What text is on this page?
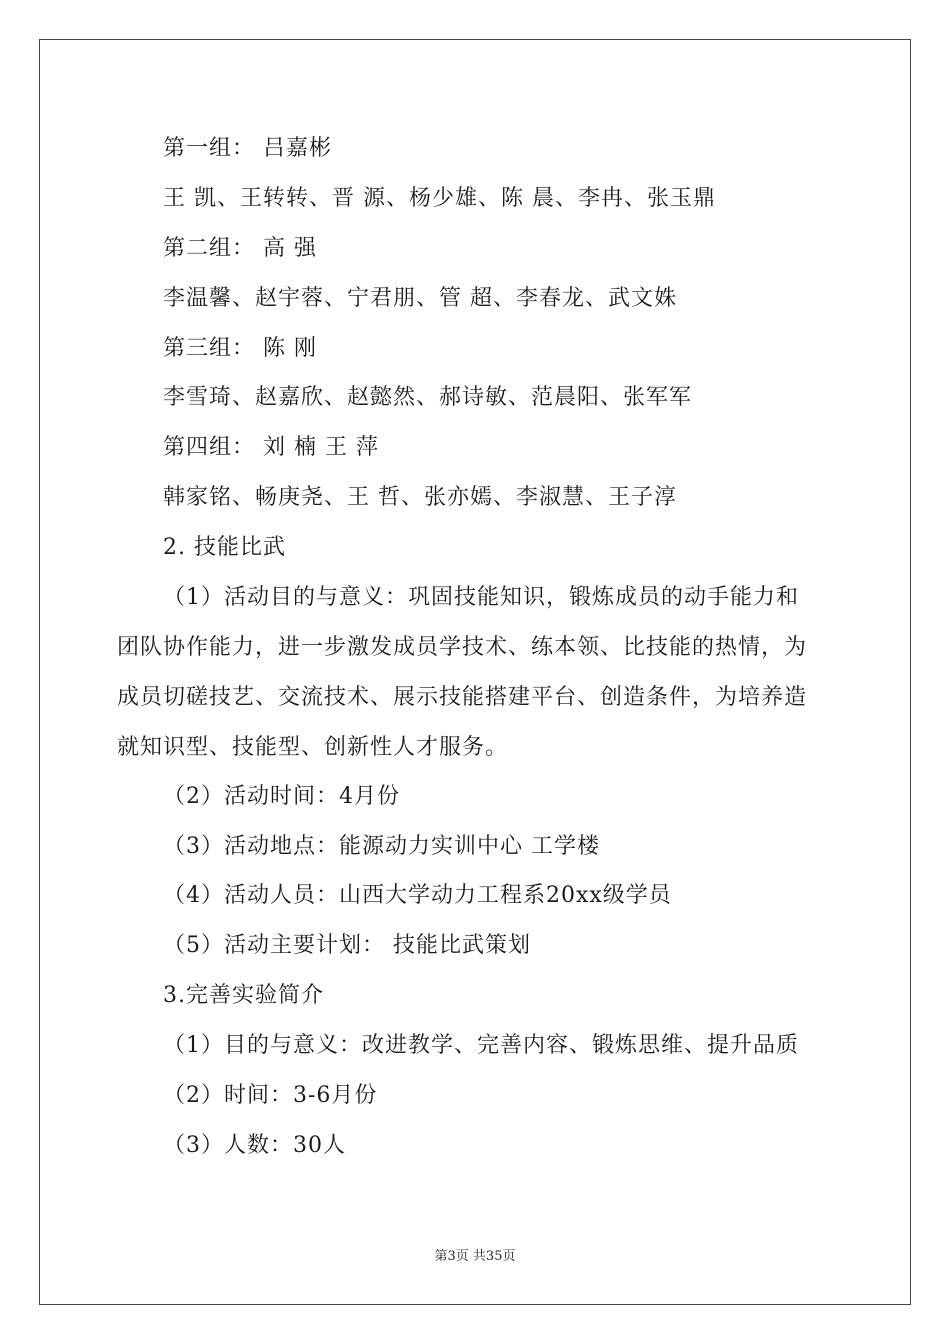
第一组： 吕嘉彬
王 凯、王转转、晋 源、杨少雄、陈 晨、李冉、张玉鼎
第二组： 高 强
李温馨、赵宇蓉、宁君朋、管 超、李春龙、武文姝
第三组： 陈 刚
李雪琦、赵嘉欣、赵懿然、郝诗敏、范晨阳、张军军
第四组： 刘 楠 王 萍
韩家铭、畅庚尧、王 哲、张亦嫣、李淑慧、王子淳
2. 技能比武
（1）活动目的与意义：巩固技能知识，锻炼成员的动手能力和
团队协作能力，进一步激发成员学技术、练本领、比技能的热情，为
成员切磋技艺、交流技术、展示技能搭建平台、创造条件，为培养造
就知识型、技能型、创新性人才服务。
（2）活动时间：4月份
（3）活动地点：能源动力实训中心 工学楼
（4）活动人员：山西大学动力工程系20xx级学员
（5）活动主要计划： 技能比武策划
3.完善实验简介
（1）目的与意义：改进教学、完善内容、锻炼思维、提升品质
（2）时间：3-6月份
（3）人数：30人
第3页 共35页
